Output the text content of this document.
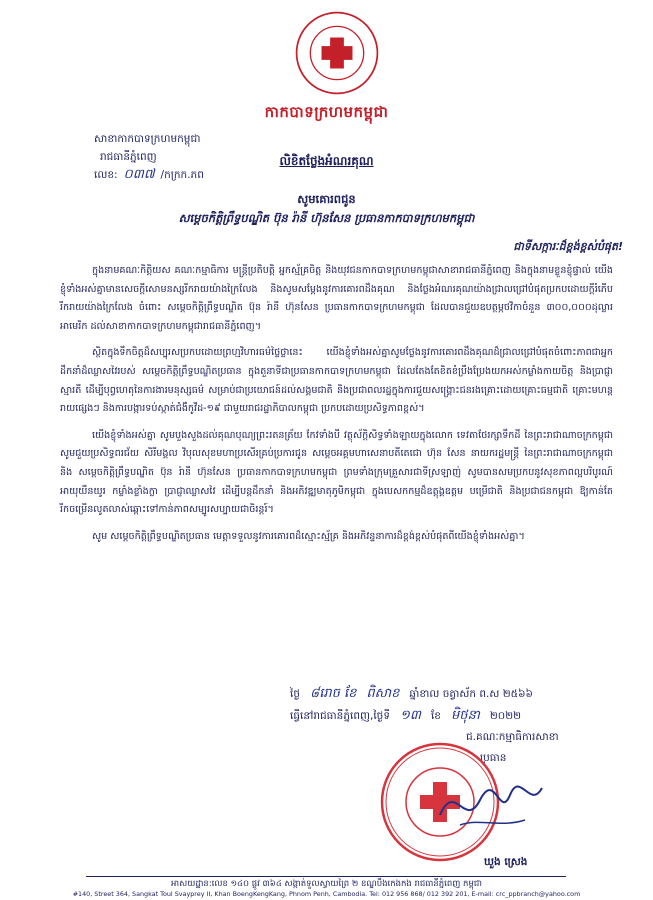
កាកបាទក្រហមកម្ពុជា
សាខាកាកបាទក្រហមកម្ពុជា
រាជធានីភ្នំពេញ
លេខ: ០៣៧ /កក្រក.ភព
លិខិតថ្លែងអំណរគុណ
សូមគោរពជូន
សម្តេចកិត្តិព្រឹទ្ធបណ្ឌិត ប៊ុន រ៉ានី ហ៊ុនសែន ប្រធានកាកបាទក្រហមកម្ពុជា
ជាទីសក្ការៈដ៏ខ្ពង់ខ្ពស់បំផុត!

ក្នុងនាមគណៈកិត្តិយស គណៈកម្មាធិការ មន្រ្តីប្រតិបត្តិ អ្នកស្ម័គ្រចិត្ត និងយុវជនកាកបាទក្រហមកម្ពុជាសាខារាជធានីភ្នំពេញ និងក្នុងនាមខ្លួនខ្ញុំផ្ទាល់ យើងខ្ញុំទាំងអស់គ្នាមានសេចក្តីសោមនស្សរីករាយយ៉ាងក្រៃលែង និងសូមសម្តែងនូវការគោរពដឹងគុណ និងថ្លែងអំណរគុណយ៉ាងជ្រាលជ្រៅបំផុតប្រកបដោយក្តីរំភើបរីករាយយ៉ាងក្រៃលែង ចំពោះ សម្តេចកិត្តិព្រឹទ្ធបណ្ឌិត ប៊ុន រ៉ានី ហ៊ុនសែន ប្រធានកាកបាទក្រហមកម្ពុជា ដែលបានជួយឧបត្ថម្ភថវិកាចំនួន ៣០០,០០០ដុល្លារអាមេរិក ដល់សាខាកាកបាទក្រហមកម្ពុជារាជធានីភ្នំពេញ។

ស្ថិតក្នុងទឹកចិត្តដ៏សប្បុរសប្រកបដោយព្រហ្មវិហារធម៌ថ្លៃថ្លានេះ យើងខ្ញុំទាំងអស់គ្នាសូមថ្លែងនូវការគោរពដឹងគុណដ៏ជ្រាលជ្រៅបំផុតចំពោះភាពជាអ្នកដឹកនាំដ៏ឈ្លាសវៃរបស់ សម្តេចកិត្តិព្រឹទ្ធបណ្ឌិតប្រធាន ក្នុងតួនាទីជាប្រធានកាកបាទក្រហមកម្ពុជា ដែលតែងតែខិតខំប្រឹងប្រែងយកអស់កម្លាំងកាយចិត្ត និងប្រាជ្ញាស្មារតី ដើម្បីបុព្វហេតុនៃការងារមនុស្សធម៌ សម្រាប់ជាប្រយោជន៍ដល់សង្គមជាតិ និងប្រជាពលរដ្ឋក្នុងការជួយសង្គ្រោះជនរងគ្រោះដោយគ្រោះធម្មជាតិ គ្រោះមហន្តរាយផ្សេងៗ និងការបង្ការទប់ស្កាត់ជំងឺកូវីដ-១៩ ជាមួយរាជរដ្ឋាភិបាលកម្ពុជា ប្រកបដោយប្រសិទ្ធភាពខ្ពស់។

យើងខ្ញុំទាំងអស់គ្នា សូមបួងសួងដល់គុណបុណ្យព្រះរតនត្រ័យ កែវទាំងបី វត្ថុស័ក្តិសិទ្ធទាំងឡាយក្នុងលោក ទេវតាថែរក្សាទឹកដី នៃព្រះរាជាណាចក្រកម្ពុជា សូមជួយប្រសិទ្ធពរជ័យ សិរីមង្គល វិបុលសុខមហាប្រសើរគ្រប់ប្រការជូន សម្តេចអគ្គមហាសេនាបតីតេជោ ហ៊ុន សែន នាយករដ្ឋមន្រ្តី នៃព្រះរាជាណាចក្រកម្ពុជា និង សម្តេចកិត្តិព្រឹទ្ធបណ្ឌិត ប៊ុន រ៉ានី ហ៊ុនសែន ប្រធានកាកបាទក្រហមកម្ពុជា ព្រមទាំងក្រុមគ្រួសារជាទីស្រឡាញ់ សូមបានសមប្រកបនូវសុខភាពល្អបរិបូរណ៍ អាយុយឺនយូរ កម្លាំងខ្លាំងក្លា ប្រាជ្ញាឈ្លាសវៃ ដើម្បីបន្តដឹកនាំ និងអភិវឌ្ឍមាតុភូមិកម្ពុជា ក្នុងបេសកកម្មដ៏ឧត្តុង្គឧត្តម បម្រើជាតិ និងប្រជាជនកម្ពុជា ឱ្យកាន់តែរីកចម្រើនលូតលាស់ឆ្ពោះទៅកាន់ភាពសម្បូរសប្បាយជាចិរន្តរ៍។

សូម សម្តេចកិត្តិព្រឹទ្ធបណ្ឌិតប្រធាន មេត្តាទទួលនូវការគោរពដ៏ស្មោះស្ម័គ្រ និងអភិវន្ទនាការដ៏ខ្ពង់ខ្ពស់បំផុតពីយើងខ្ញុំទាំងអស់គ្នា។

ថ្ងៃ ៨រោច ខែ ពិសាខ ឆ្នាំខាល ចត្វាស័ក ព.ស ២៥៦៦
ធ្វើនៅរាជធានីភ្នំពេញ,ថ្ងៃទី ១៣ ខែ មិថុនា ២០២២
ជ.គណៈកម្មាធិការសាខា
ប្រធាន
ឃួង ស្រេង
អាសយដ្ឋាន:លេខ ១៤០ ផ្លូវ ៣៦៤ សង្កាត់ទួលស្វាយព្រៃ ២ ខណ្ឌបឹងកេងកង រាជធានីភ្នំពេញ កម្ពុជា
#140, Street 364, Sangkat Toul Svayprey II, Khan BoengKengKang, Phnom Penh, Cambodia. Tel: 012 956 868/ 012 392 201, E-mail: crc_ppbranch@yahoo.com
